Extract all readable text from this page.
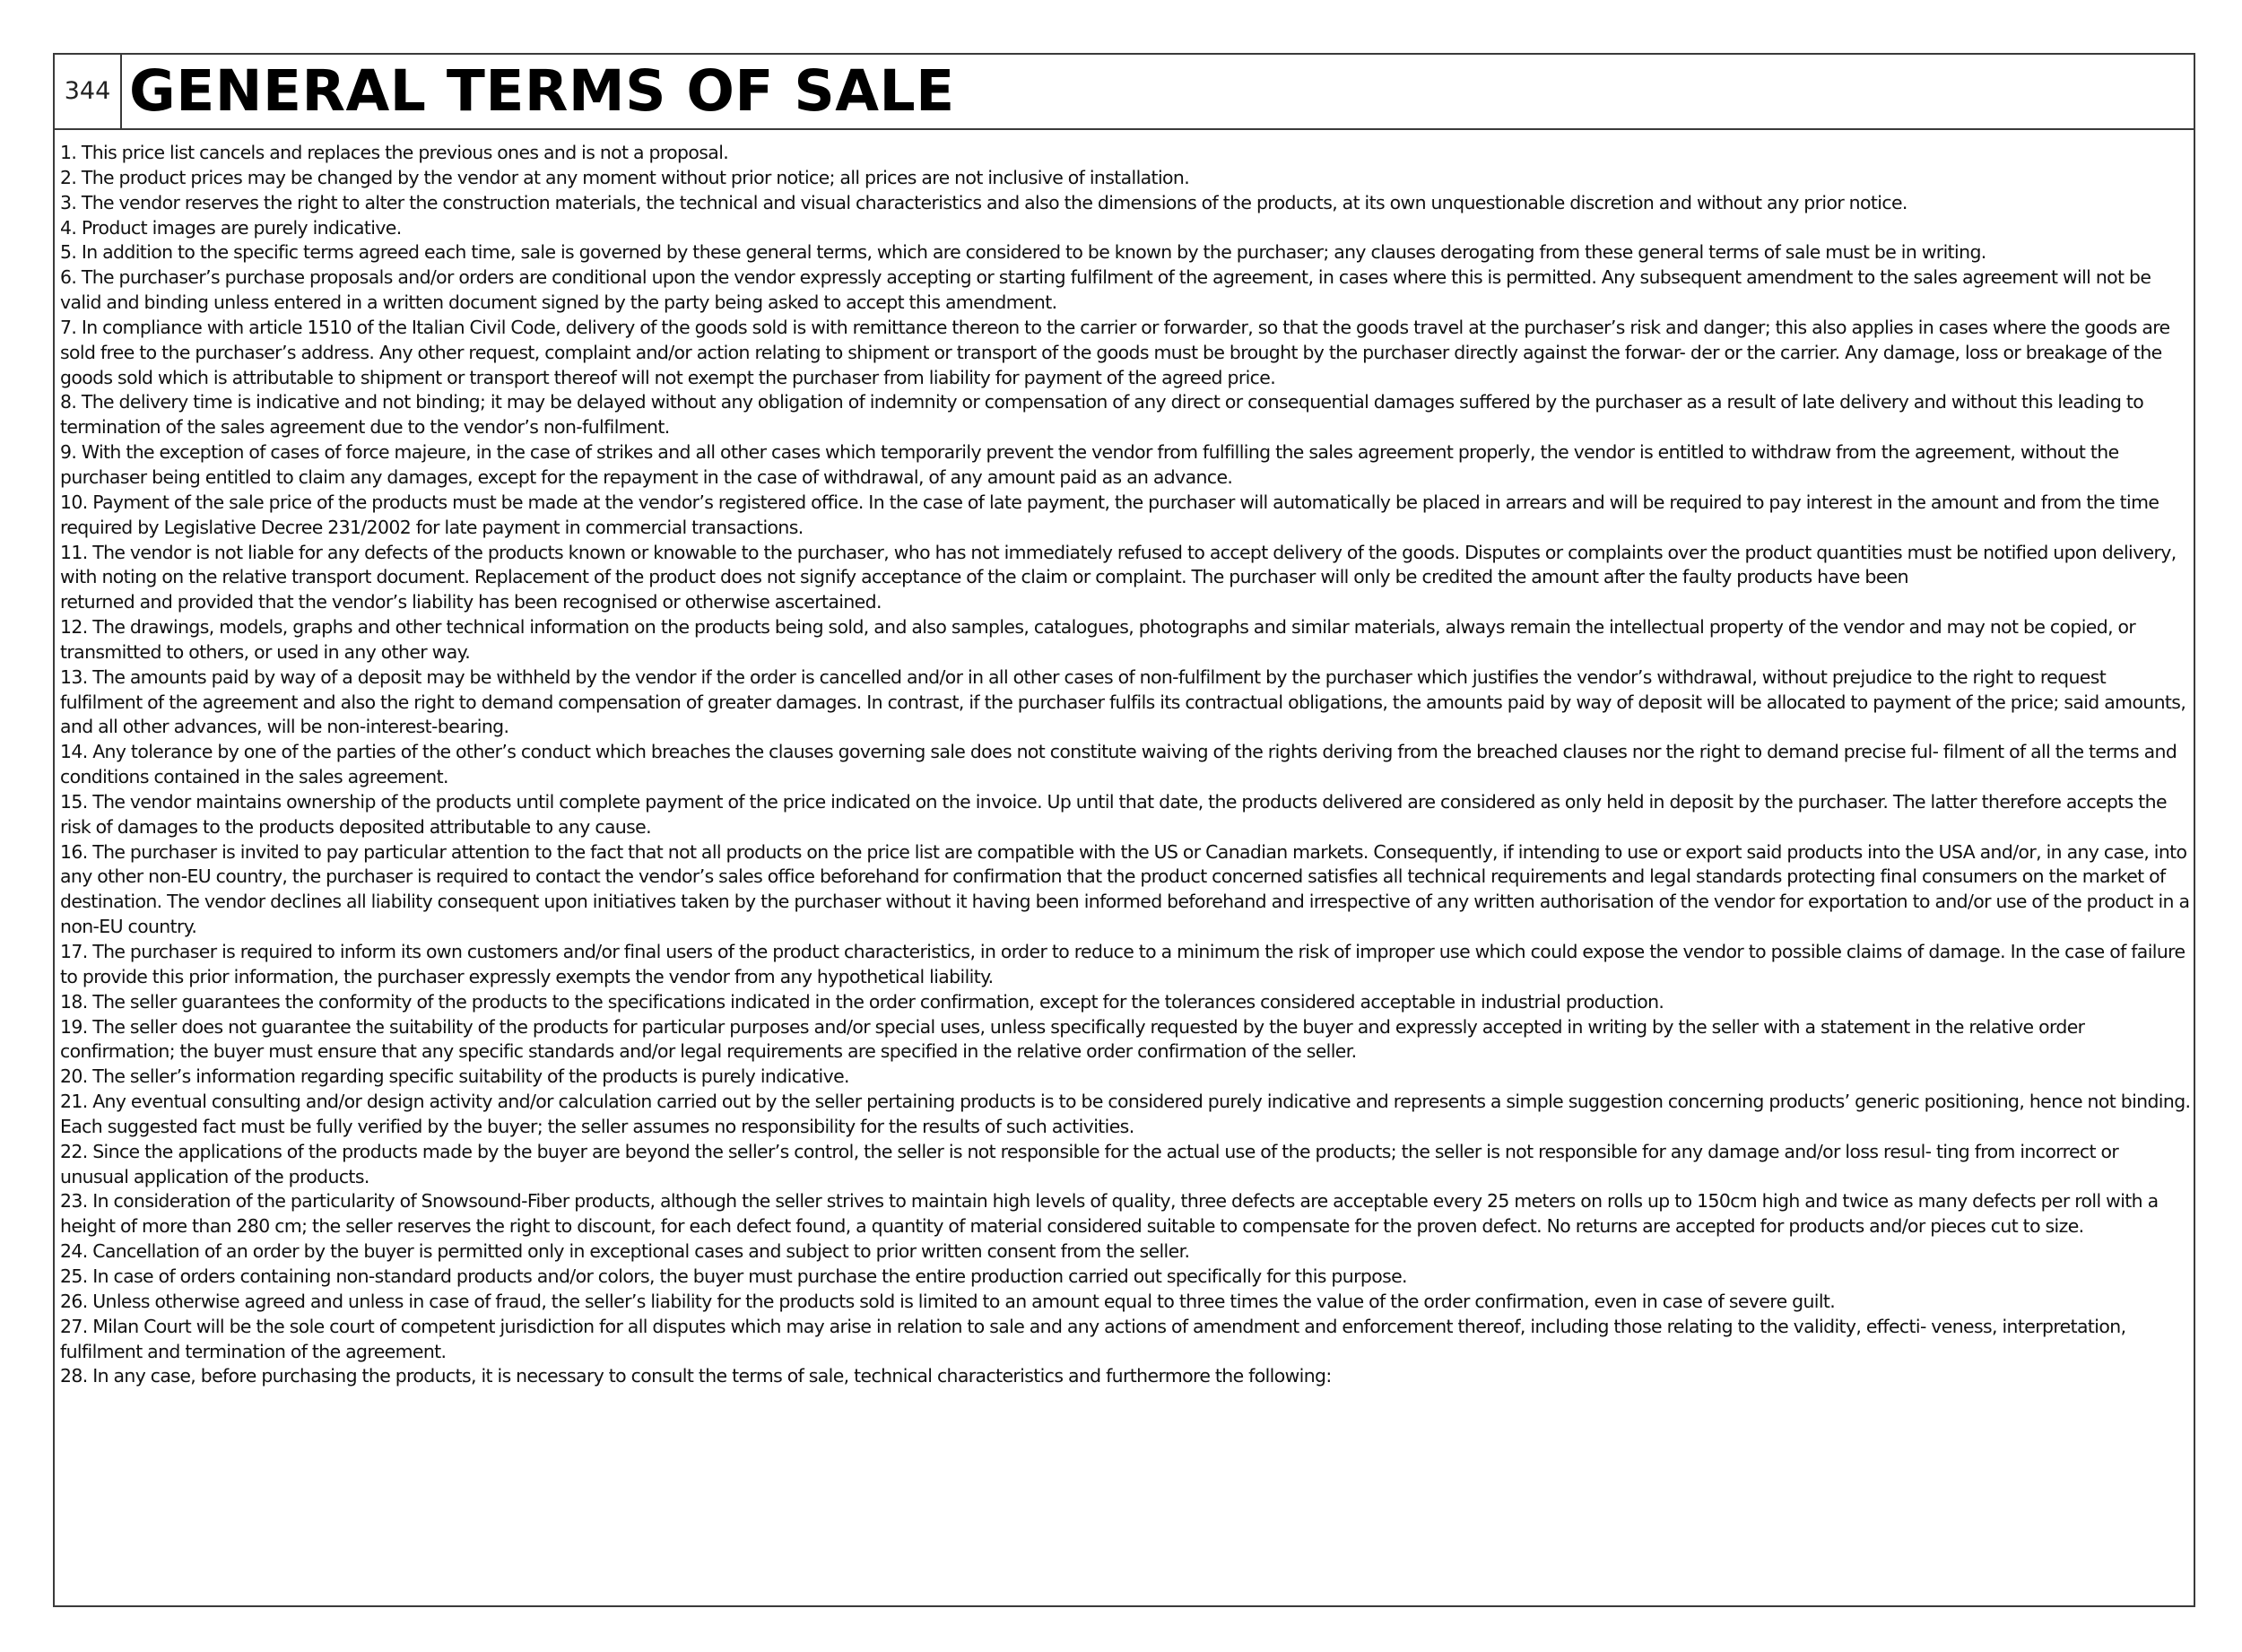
344 GENERAL TERMS OF SALE

1. This price list cancels and replaces the previous ones and is not a proposal.

2. The product prices may be changed by the vendor at any moment without prior notice; all prices are not inclusive of installation.

3. The vendor reserves the right to alter the construction materials, the technical and visual characteristics and also the dimensions of the products, at its own unquestionable discretion and without any prior notice.

4. Product images are purely indicative.

5. In addition to the specific terms agreed each time, sale is governed by these general terms, which are considered to be known by the purchaser; any clauses derogating from these general terms of sale must be in writing.

6. The purchaser’s purchase proposals and/or orders are conditional upon the vendor expressly accepting or starting fulfilment of the agreement, in cases where this is permitted. Any subsequent amendment to the sales agreement will not be valid and binding unless entered in a written document signed by the party being asked to accept this amendment.

7. In compliance with article 1510 of the Italian Civil Code, delivery of the goods sold is with remittance thereon to the carrier or forwarder, so that the goods travel at the purchaser’s risk and danger; this also applies in cases where the goods are sold free to the purchaser’s address. Any other request, complaint and/or action relating to shipment or transport of the goods must be brought by the purchaser directly against the forwar- der or the carrier. Any damage, loss or breakage of the goods sold which is attributable to shipment or transport thereof will not exempt the purchaser from liability for payment of the agreed price.

8. The delivery time is indicative and not binding; it may be delayed without any obligation of indemnity or compensation of any direct or consequential damages suffered by the purchaser as a result of late delivery and without this leading to termination of the sales agreement due to the vendor’s non-fulfilment.

9. With the exception of cases of force majeure, in the case of strikes and all other cases which temporarily prevent the vendor from fulfilling the sales agreement properly, the vendor is entitled to withdraw from the agreement, without the purchaser being entitled to claim any damages, except for the repayment in the case of withdrawal, of any amount paid as an advance.

10. Payment of the sale price of the products must be made at the vendor’s registered office. In the case of late payment, the purchaser will automatically be placed in arrears and will be required to pay interest in the amount and from the time required by Legislative Decree 231/2002 for late payment in commercial transactions.

11. The vendor is not liable for any defects of the products known or knowable to the purchaser, who has not immediately refused to accept delivery of the goods. Disputes or complaints over the product quantities must be notified upon delivery, with noting on the relative transport document. Replacement of the product does not signify acceptance of the claim or complaint. The purchaser will only be credited the amount after the faulty products have been

returned and provided that the vendor’s liability has been recognised or otherwise ascertained.

12. The drawings, models, graphs and other technical information on the products being sold, and also samples, catalogues, photographs and similar materials, always remain the intellectual property of the vendor and may not be copied, or transmitted to others, or used in any other way.

13. The amounts paid by way of a deposit may be withheld by the vendor if the order is cancelled and/or in all other cases of non-fulfilment by the purchaser which justifies the vendor’s withdrawal, without prejudice to the right to request fulfilment of the agreement and also the right to demand compensation of greater damages. In contrast, if the purchaser fulfils its contractual obligations, the amounts paid by way of deposit will be allocated to payment of the price; said amounts, and all other advances, will be non-interest-bearing.

14. Any tolerance by one of the parties of the other’s conduct which breaches the clauses governing sale does not constitute waiving of the rights deriving from the breached clauses nor the right to demand precise ful- filment of all the terms and conditions contained in the sales agreement.

15. The vendor maintains ownership of the products until complete payment of the price indicated on the invoice. Up until that date, the products delivered are considered as only held in deposit by the purchaser. The latter therefore accepts the risk of damages to the products deposited attributable to any cause.

16. The purchaser is invited to pay particular attention to the fact that not all products on the price list are compatible with the US or Canadian markets. Consequently, if intending to use or export said products into the USA and/or, in any case, into any other non-EU country, the purchaser is required to contact the vendor’s sales office beforehand for confirmation that the product concerned satisfies all technical requirements and legal standards protecting final consumers on the market of destination. The vendor declines all liability consequent upon initiatives taken by the purchaser without it having been informed beforehand and irrespective of any written authorisation of the vendor for exportation to and/or use of the product in a non-EU country.

17. The purchaser is required to inform its own customers and/or final users of the product characteristics, in order to reduce to a minimum the risk of improper use which could expose the vendor to possible claims of damage. In the case of failure to provide this prior information, the purchaser expressly exempts the vendor from any hypothetical liability.

18. The seller guarantees the conformity of the products to the specifications indicated in the order confirmation, except for the tolerances considered acceptable in industrial production.

19. The seller does not guarantee the suitability of the products for particular purposes and/or special uses, unless specifically requested by the buyer and expressly accepted in writing by the seller with a statement in the relative order confirmation; the buyer must ensure that any specific standards and/or legal requirements are specified in the relative order confirmation of the seller.

20. The seller’s information regarding specific suitability of the products is purely indicative.

21. Any eventual consulting and/or design activity and/or calculation carried out by the seller pertaining products is to be considered purely indicative and represents a simple suggestion concerning products’ generic positioning, hence not binding. Each suggested fact must be fully verified by the buyer; the seller assumes no responsibility for the results of such activities.

22. Since the applications of the products made by the buyer are beyond the seller’s control, the seller is not responsible for the actual use of the products; the seller is not responsible for any damage and/or loss resul- ting from incorrect or unusual application of the products.

23. In consideration of the particularity of Snowsound-Fiber products, although the seller strives to maintain high levels of quality, three defects are acceptable every 25 meters on rolls up to 150cm high and twice as many defects per roll with a height of more than 280 cm; the seller reserves the right to discount, for each defect found, a quantity of material considered suitable to compensate for the proven defect. No returns are accepted for products and/or pieces cut to size.

24. Cancellation of an order by the buyer is permitted only in exceptional cases and subject to prior written consent from the seller.

25. In case of orders containing non-standard products and/or colors, the buyer must purchase the entire production carried out specifically for this purpose.

26. Unless otherwise agreed and unless in case of fraud, the seller’s liability for the products sold is limited to an amount equal to three times the value of the order confirmation, even in case of severe guilt.

27. Milan Court will be the sole court of competent jurisdiction for all disputes which may arise in relation to sale and any actions of amendment and enforcement thereof, including those relating to the validity, effecti- veness, interpretation, fulfilment and termination of the agreement.

28. In any case, before purchasing the products, it is necessary to consult the terms of sale, technical characteristics and furthermore the following:
